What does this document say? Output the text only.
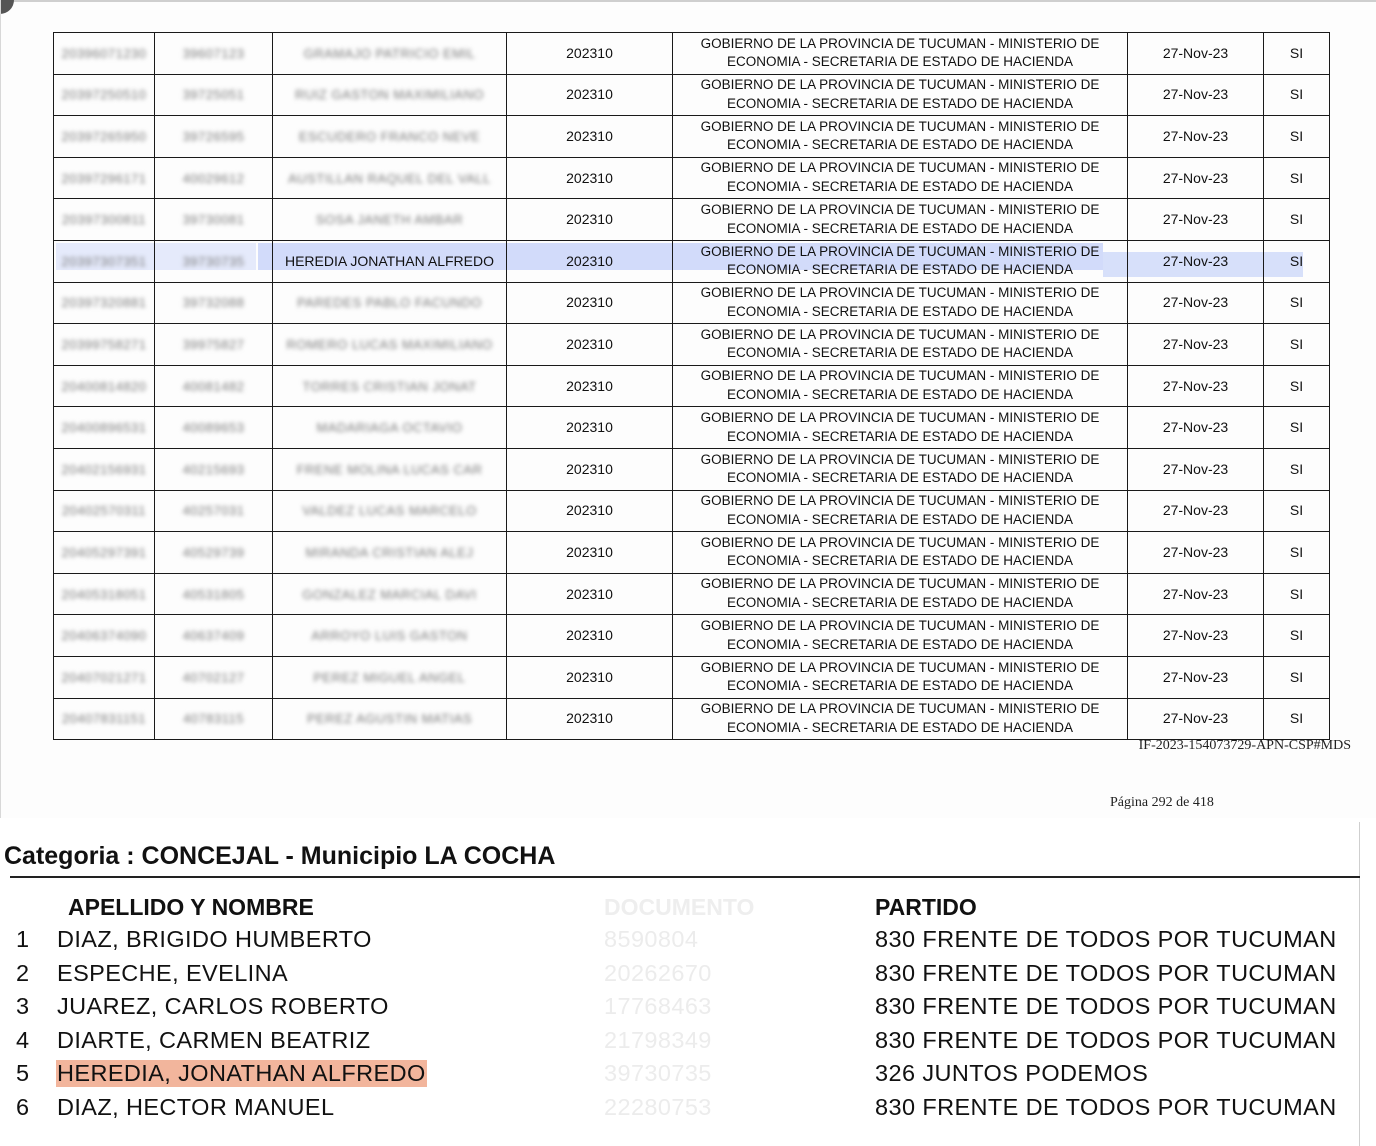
20396071230	39607123	GRAMAJO PATRICIO EMIL	202310	GOBIERNO DE LA PROVINCIA DE TUCUMAN - MINISTERIO DE ECONOMIA - SECRETARIA DE ESTADO DE HACIENDA	27-Nov-23	SI
20397250510	39725051	RUIZ GASTON MAXIMILIANO	202310	GOBIERNO DE LA PROVINCIA DE TUCUMAN - MINISTERIO DE ECONOMIA - SECRETARIA DE ESTADO DE HACIENDA	27-Nov-23	SI
20397265950	39726595	ESCUDERO FRANCO NEVE	202310	GOBIERNO DE LA PROVINCIA DE TUCUMAN - MINISTERIO DE ECONOMIA - SECRETARIA DE ESTADO DE HACIENDA	27-Nov-23	SI
20397296171	40029612	AUSTILLAN RAQUEL DEL VALL	202310	GOBIERNO DE LA PROVINCIA DE TUCUMAN - MINISTERIO DE ECONOMIA - SECRETARIA DE ESTADO DE HACIENDA	27-Nov-23	SI
20397300811	39730081	SOSA JANETH AMBAR	202310	GOBIERNO DE LA PROVINCIA DE TUCUMAN - MINISTERIO DE ECONOMIA - SECRETARIA DE ESTADO DE HACIENDA	27-Nov-23	SI
20397307351	39730735	HEREDIA JONATHAN ALFREDO	202310	GOBIERNO DE LA PROVINCIA DE TUCUMAN - MINISTERIO DE ECONOMIA - SECRETARIA DE ESTADO DE HACIENDA	27-Nov-23	SI
20397320881	39732088	PAREDES PABLO FACUNDO	202310	GOBIERNO DE LA PROVINCIA DE TUCUMAN - MINISTERIO DE ECONOMIA - SECRETARIA DE ESTADO DE HACIENDA	27-Nov-23	SI
20399758271	39975827	ROMERO LUCAS MAXIMILIANO	202310	GOBIERNO DE LA PROVINCIA DE TUCUMAN - MINISTERIO DE ECONOMIA - SECRETARIA DE ESTADO DE HACIENDA	27-Nov-23	SI
20400814820	40081482	TORRES CRISTIAN JONAT	202310	GOBIERNO DE LA PROVINCIA DE TUCUMAN - MINISTERIO DE ECONOMIA - SECRETARIA DE ESTADO DE HACIENDA	27-Nov-23	SI
20400896531	40089653	MADARIAGA OCTAVIO	202310	GOBIERNO DE LA PROVINCIA DE TUCUMAN - MINISTERIO DE ECONOMIA - SECRETARIA DE ESTADO DE HACIENDA	27-Nov-23	SI
20402156931	40215693	FRENE MOLINA LUCAS CAR	202310	GOBIERNO DE LA PROVINCIA DE TUCUMAN - MINISTERIO DE ECONOMIA - SECRETARIA DE ESTADO DE HACIENDA	27-Nov-23	SI
20402570311	40257031	VALDEZ LUCAS MARCELO	202310	GOBIERNO DE LA PROVINCIA DE TUCUMAN - MINISTERIO DE ECONOMIA - SECRETARIA DE ESTADO DE HACIENDA	27-Nov-23	SI
20405297391	40529739	MIRANDA CRISTIAN ALEJ	202310	GOBIERNO DE LA PROVINCIA DE TUCUMAN - MINISTERIO DE ECONOMIA - SECRETARIA DE ESTADO DE HACIENDA	27-Nov-23	SI
20405318051	40531805	GONZALEZ MARCIAL DAVI	202310	GOBIERNO DE LA PROVINCIA DE TUCUMAN - MINISTERIO DE ECONOMIA - SECRETARIA DE ESTADO DE HACIENDA	27-Nov-23	SI
20406374090	40637409	ARROYO LUIS GASTON	202310	GOBIERNO DE LA PROVINCIA DE TUCUMAN - MINISTERIO DE ECONOMIA - SECRETARIA DE ESTADO DE HACIENDA	27-Nov-23	SI
20407021271	40702127	PEREZ MIGUEL ANGEL	202310	GOBIERNO DE LA PROVINCIA DE TUCUMAN - MINISTERIO DE ECONOMIA - SECRETARIA DE ESTADO DE HACIENDA	27-Nov-23	SI
20407831151	40783115	PEREZ AGUSTIN MATIAS	202310	GOBIERNO DE LA PROVINCIA DE TUCUMAN - MINISTERIO DE ECONOMIA - SECRETARIA DE ESTADO DE HACIENDA	27-Nov-23	SI
IF-2023-154073729-APN-CSP#MDS
Página 292 de 418
Categoria : CONCEJAL - Municipio LA COCHA
APELLIDO Y NOMBRE	DOCUMENTO	PARTIDO
1 DIAZ, BRIGIDO HUMBERTO	8590804	830 FRENTE DE TODOS POR TUCUMAN
2 ESPECHE, EVELINA	20262670	830 FRENTE DE TODOS POR TUCUMAN
3 JUAREZ, CARLOS ROBERTO	17768463	830 FRENTE DE TODOS POR TUCUMAN
4 DIARTE, CARMEN BEATRIZ	21798349	830 FRENTE DE TODOS POR TUCUMAN
5 HEREDIA, JONATHAN ALFREDO	39730735	326 JUNTOS PODEMOS
6 DIAZ, HECTOR MANUEL	22280753	830 FRENTE DE TODOS POR TUCUMAN
